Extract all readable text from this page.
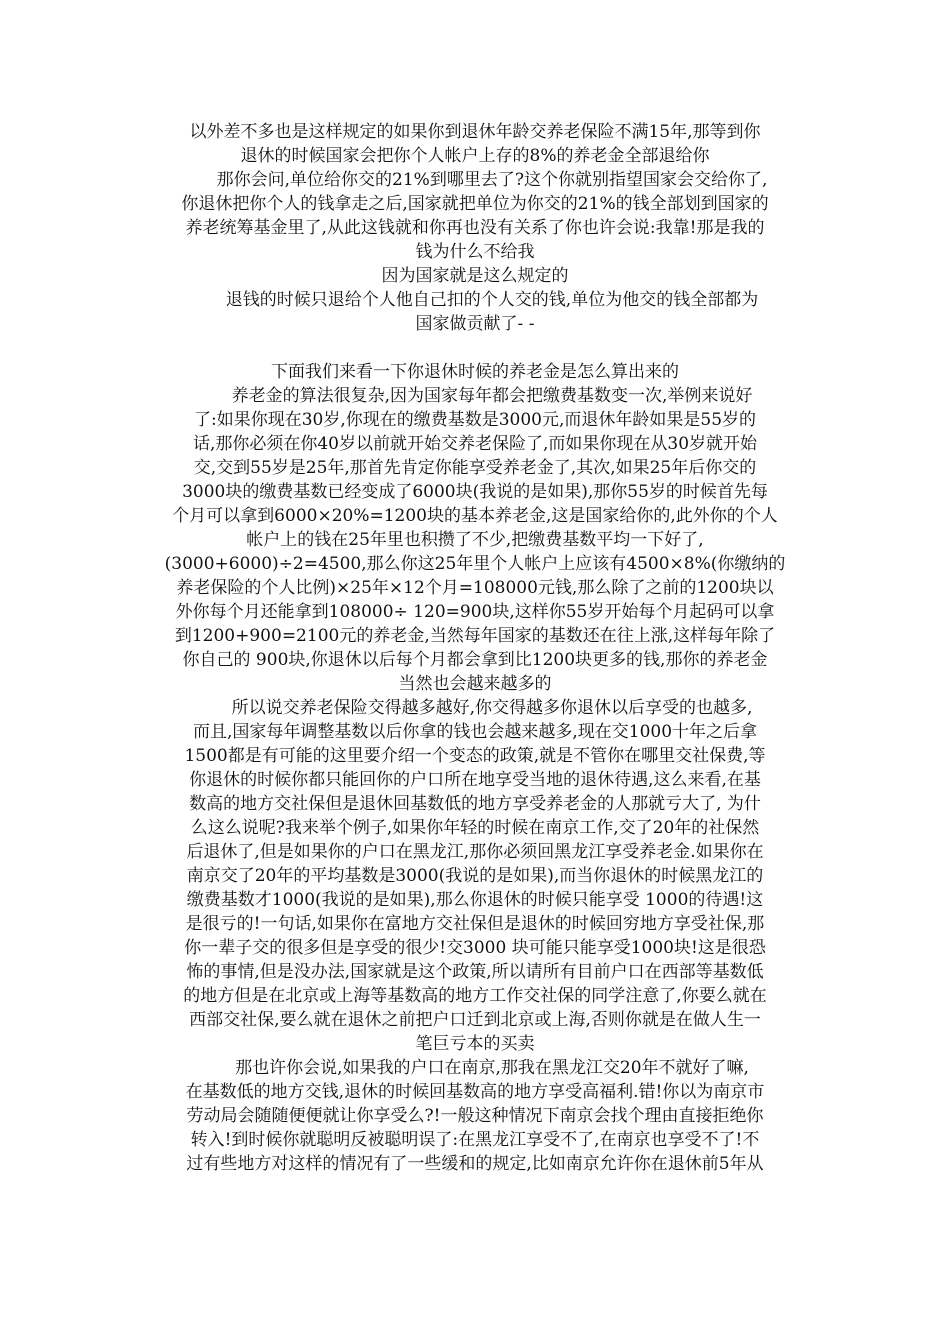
以外差不多也是这样规定的如果你到退休年龄交养老保险不满15年,那等到你
退休的时候国家会把你个人帐户上存的8%的养老金全部退给你
　　那你会问,单位给你交的21%到哪里去了?这个你就别指望国家会交给你了,
你退休把你个人的钱拿走之后,国家就把单位为你交的21%的钱全部划到国家的
养老统筹基金里了,从此这钱就和你再也没有关系了你也许会说:我靠!那是我的
钱为什么不给我
因为国家就是这么规定的
　　退钱的时候只退给个人他自己扣的个人交的钱,单位为他交的钱全部都为
国家做贡献了- -
下面我们来看一下你退休时候的养老金是怎么算出来的
　　养老金的算法很复杂,因为国家每年都会把缴费基数变一次,举例来说好
了:如果你现在30岁,你现在的缴费基数是3000元,而退休年龄如果是55岁的
话,那你必须在你40岁以前就开始交养老保险了,而如果你现在从30岁就开始
交,交到55岁是25年,那首先肯定你能享受养老金了,其次,如果25年后你交的
3000块的缴费基数已经变成了6000块(我说的是如果),那你55岁的时候首先每
个月可以拿到6000×20%=1200块的基本养老金,这是国家给你的,此外你的个人
帐户上的钱在25年里也积攒了不少,把缴费基数平均一下好了,
(3000+6000)÷2=4500,那么你这25年里个人帐户上应该有4500×8%(你缴纳的
养老保险的个人比例)×25年×12个月=108000元钱,那么除了之前的1200块以
外你每个月还能拿到108000÷ 120=900块,这样你55岁开始每个月起码可以拿
到1200+900=2100元的养老金,当然每年国家的基数还在往上涨,这样每年除了
你自己的 900块,你退休以后每个月都会拿到比1200块更多的钱,那你的养老金
当然也会越来越多的
　　所以说交养老保险交得越多越好,你交得越多你退休以后享受的也越多,
而且,国家每年调整基数以后你拿的钱也会越来越多,现在交1000十年之后拿
1500都是有可能的这里要介绍一个变态的政策,就是不管你在哪里交社保费,等
你退休的时候你都只能回你的户口所在地享受当地的退休待遇,这么来看,在基
数高的地方交社保但是退休回基数低的地方享受养老金的人那就亏大了, 为什
么这么说呢?我来举个例子,如果你年轻的时候在南京工作,交了20年的社保然
后退休了,但是如果你的户口在黑龙江,那你必须回黑龙江享受养老金.如果你在
南京交了20年的平均基数是3000(我说的是如果),而当你退休的时候黑龙江的
缴费基数才1000(我说的是如果),那么你退休的时候只能享受 1000的待遇!这
是很亏的!一句话,如果你在富地方交社保但是退休的时候回穷地方享受社保,那
你一辈子交的很多但是享受的很少!交3000 块可能只能享受1000块!这是很恐
怖的事情,但是没办法,国家就是这个政策,所以请所有目前户口在西部等基数低
的地方但是在北京或上海等基数高的地方工作交社保的同学注意了,你要么就在
西部交社保,要么就在退休之前把户口迁到北京或上海,否则你就是在做人生一
笔巨亏本的买卖
　　那也许你会说,如果我的户口在南京,那我在黑龙江交20年不就好了嘛,
在基数低的地方交钱,退休的时候回基数高的地方享受高福利.错!你以为南京市
劳动局会随随便便就让你享受么?!一般这种情况下南京会找个理由直接拒绝你
转入!到时候你就聪明反被聪明误了:在黑龙江享受不了,在南京也享受不了!不
过有些地方对这样的情况有了一些缓和的规定,比如南京允许你在退休前5年从
